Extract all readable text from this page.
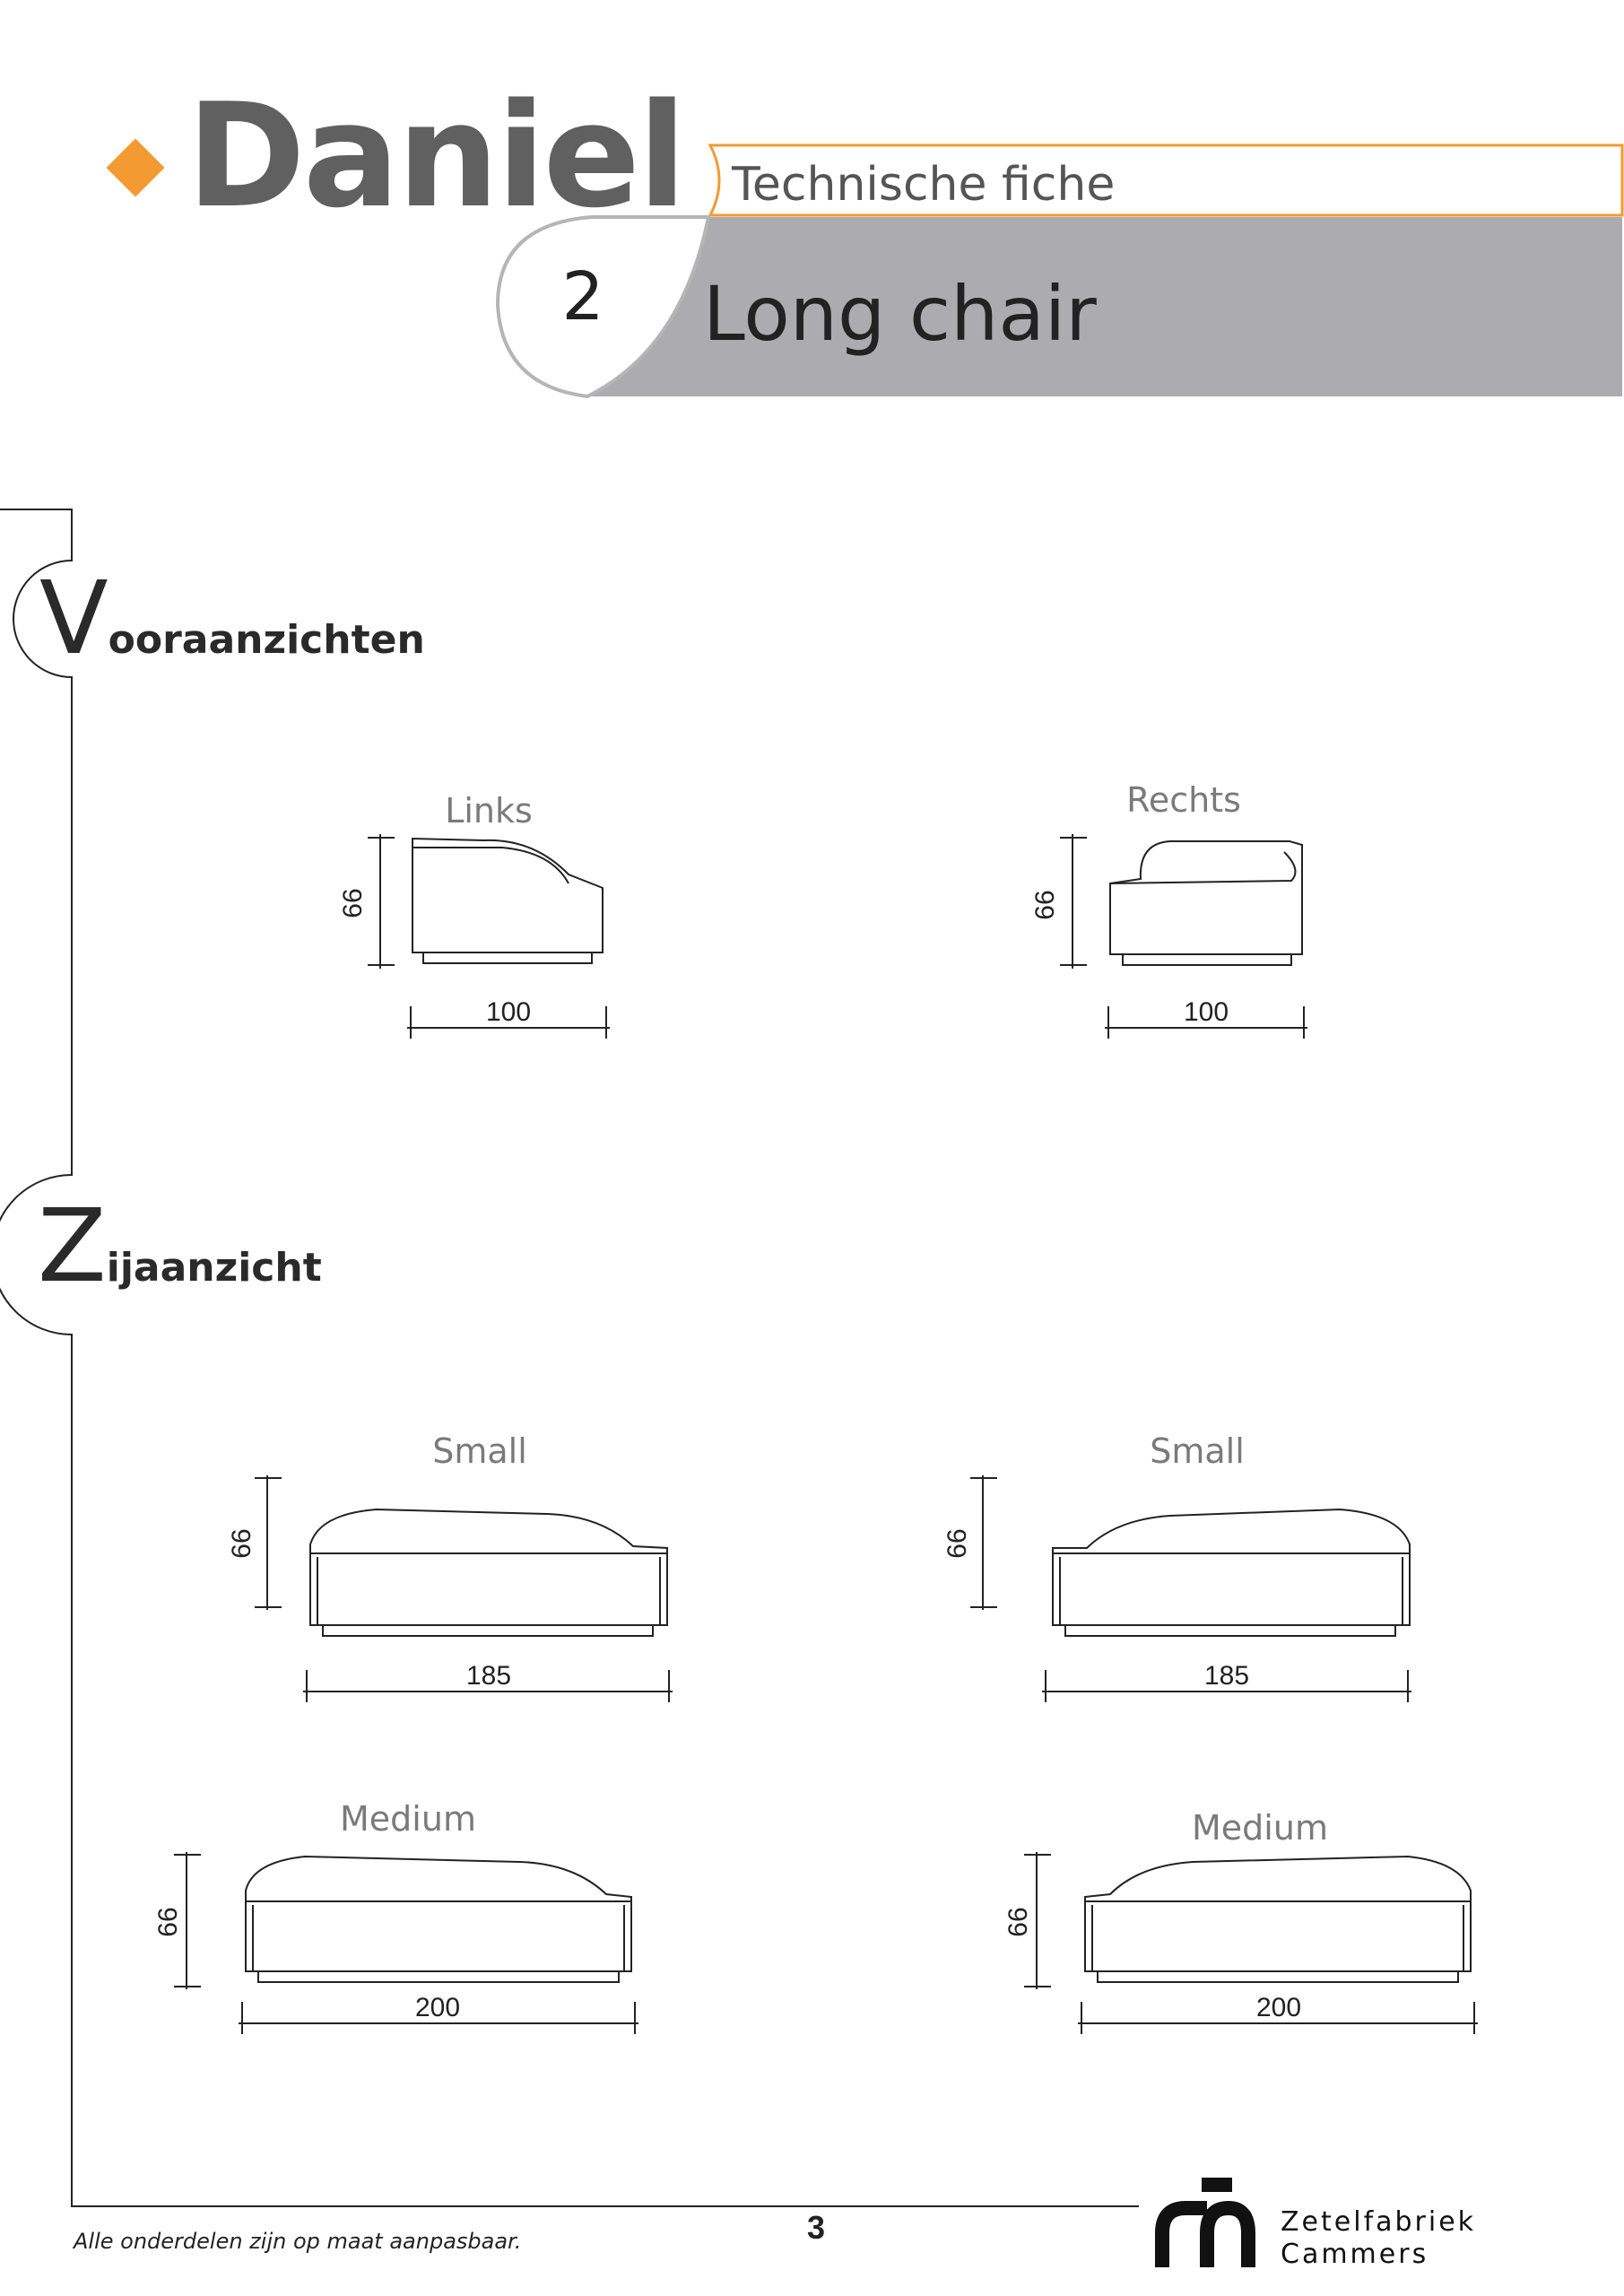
Daniel Technische fiche
2	Long chair
Vooraanzichten
Zijaanzicht
Links
66
100
Rechts
66
100
Small
66
185
Small
66
185
Medium
66
200
Medium
66
200
Alle onderdelen zijn op maat aanpasbaar.	3	Zetelfabriek Cammers
